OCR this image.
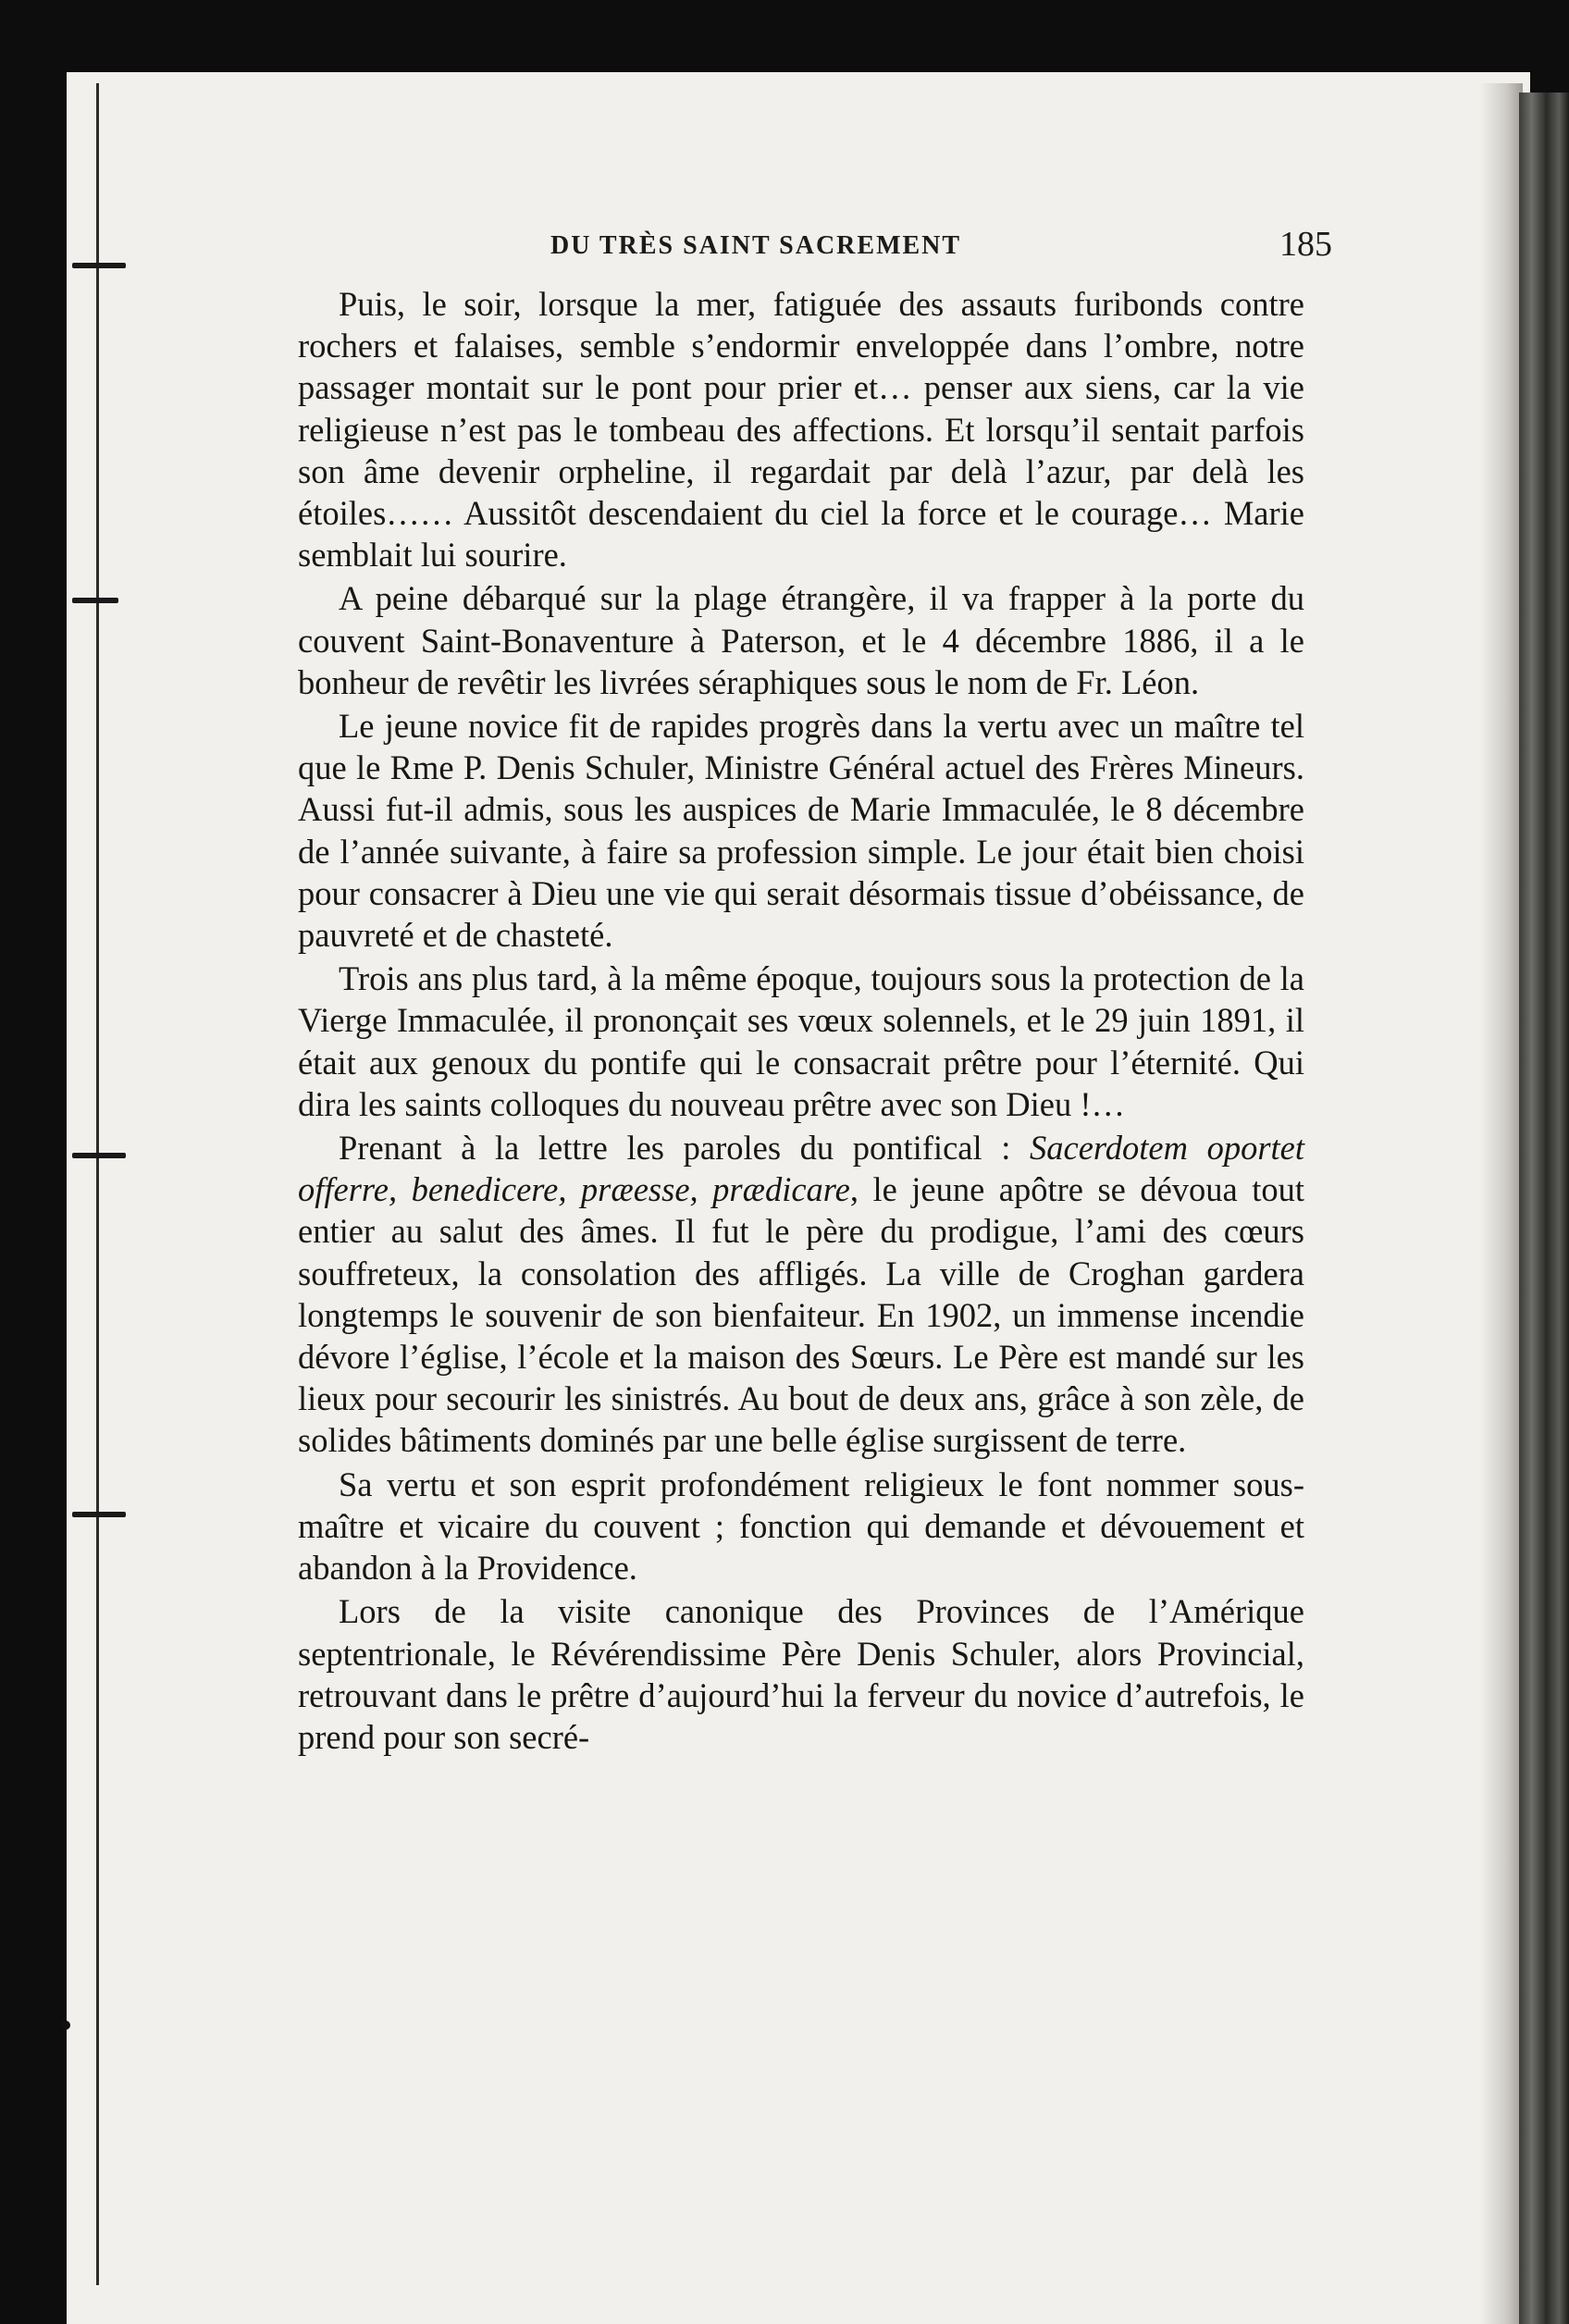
DU TRÈS SAINT SACREMENT	185

Puis, le soir, lorsque la mer, fatiguée des assauts furibonds contre rochers et falaises, semble s’endormir enveloppée dans l’ombre, notre passager montait sur le pont pour prier et… penser aux siens, car la vie religieuse n’est pas le tombeau des affections. Et lorsqu’il sentait parfois son âme devenir orpheline, il regardait par delà l’azur, par delà les étoiles…… Aussitôt descendaient du ciel la force et le courage… Marie semblait lui sourire.

A peine débarqué sur la plage étrangère, il va frapper à la porte du couvent Saint-Bonaventure à Paterson, et le 4 décembre 1886, il a le bonheur de revêtir les livrées séraphiques sous le nom de Fr. Léon.

Le jeune novice fit de rapides progrès dans la vertu avec un maître tel que le Rme P. Denis Schuler, Ministre Général actuel des Frères Mineurs. Aussi fut-il admis, sous les auspices de Marie Immaculée, le 8 décembre de l’année suivante, à faire sa profession simple. Le jour était bien choisi pour consacrer à Dieu une vie qui serait désormais tissue d’obéissance, de pauvreté et de chasteté.

Trois ans plus tard, à la même époque, toujours sous la protection de la Vierge Immaculée, il prononçait ses vœux solennels, et le 29 juin 1891, il était aux genoux du pontife qui le consacrait prêtre pour l’éternité. Qui dira les saints colloques du nouveau prêtre avec son Dieu !…

Prenant à la lettre les paroles du pontifical : Sacerdotem oportet offerre, benedicere, præesse, prædicare, le jeune apôtre se dévoua tout entier au salut des âmes. Il fut le père du prodigue, l’ami des cœurs souffreteux, la consolation des affligés. La ville de Croghan gardera longtemps le souvenir de son bienfaiteur. En 1902, un immense incendie dévore l’église, l’école et la maison des Sœurs. Le Père est mandé sur les lieux pour secourir les sinistrés. Au bout de deux ans, grâce à son zèle, de solides bâtiments dominés par une belle église surgissent de terre.

Sa vertu et son esprit profondément religieux le font nommer sous-maître et vicaire du couvent ; fonction qui demande et dévouement et abandon à la Providence.

Lors de la visite canonique des Provinces de l’Amérique septentrionale, le Révérendissime Père Denis Schuler, alors Provincial, retrouvant dans le prêtre d’aujourd’hui la ferveur du novice d’autrefois, le prend pour son secré-
